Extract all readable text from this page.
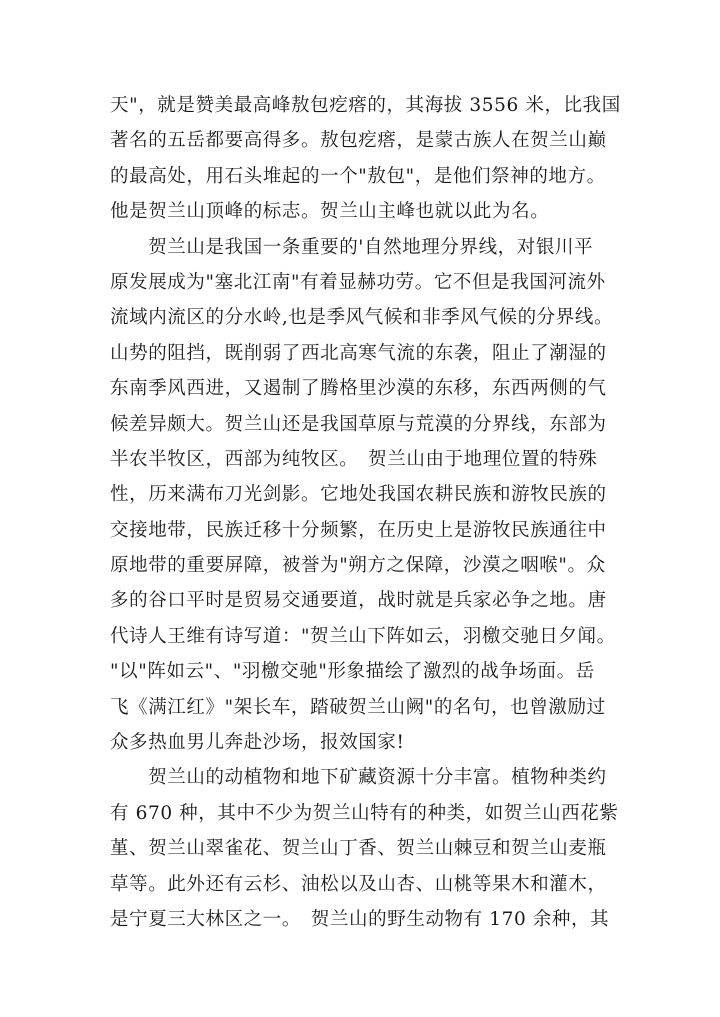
天"，就是赞美最高峰敖包疙瘩的，其海拔 3556 米，比我国
著名的五岳都要高得多。敖包疙瘩，是蒙古族人在贺兰山巅
的最高处，用石头堆起的一个"敖包"，是他们祭神的地方。
他是贺兰山顶峰的标志。贺兰山主峰也就以此为名。
　　贺兰山是我国一条重要的'自然地理分界线，对银川平
原发展成为"塞北江南"有着显赫功劳。它不但是我国河流外
流域内流区的分水岭,也是季风气候和非季风气候的分界线。
山势的阻挡，既削弱了西北高寒气流的东袭，阻止了潮湿的
东南季风西进，又遏制了腾格里沙漠的东移，东西两侧的气
候差异颇大。贺兰山还是我国草原与荒漠的分界线，东部为
半农半牧区，西部为纯牧区。　贺兰山由于地理位置的特殊
性，历来满布刀光剑影。它地处我国农耕民族和游牧民族的
交接地带，民族迁移十分频繁，在历史上是游牧民族通往中
原地带的重要屏障，被誉为"朔方之保障，沙漠之咽喉"。众
多的谷口平时是贸易交通要道，战时就是兵家必争之地。唐
代诗人王维有诗写道："贺兰山下阵如云，羽檄交驰日夕闻。
"以"阵如云"、"羽檄交驰"形象描绘了激烈的战争场面。岳
飞《满江红》"架长车，踏破贺兰山阙"的名句，也曾激励过
众多热血男儿奔赴沙场，报效国家!
　　贺兰山的动植物和地下矿藏资源十分丰富。植物种类约
有 670 种，其中不少为贺兰山特有的种类，如贺兰山西花紫
堇、贺兰山翠雀花、贺兰山丁香、贺兰山棘豆和贺兰山麦瓶
草等。此外还有云杉、油松以及山杏、山桃等果木和灌木，
是宁夏三大林区之一。　贺兰山的野生动物有 170 余种，其
